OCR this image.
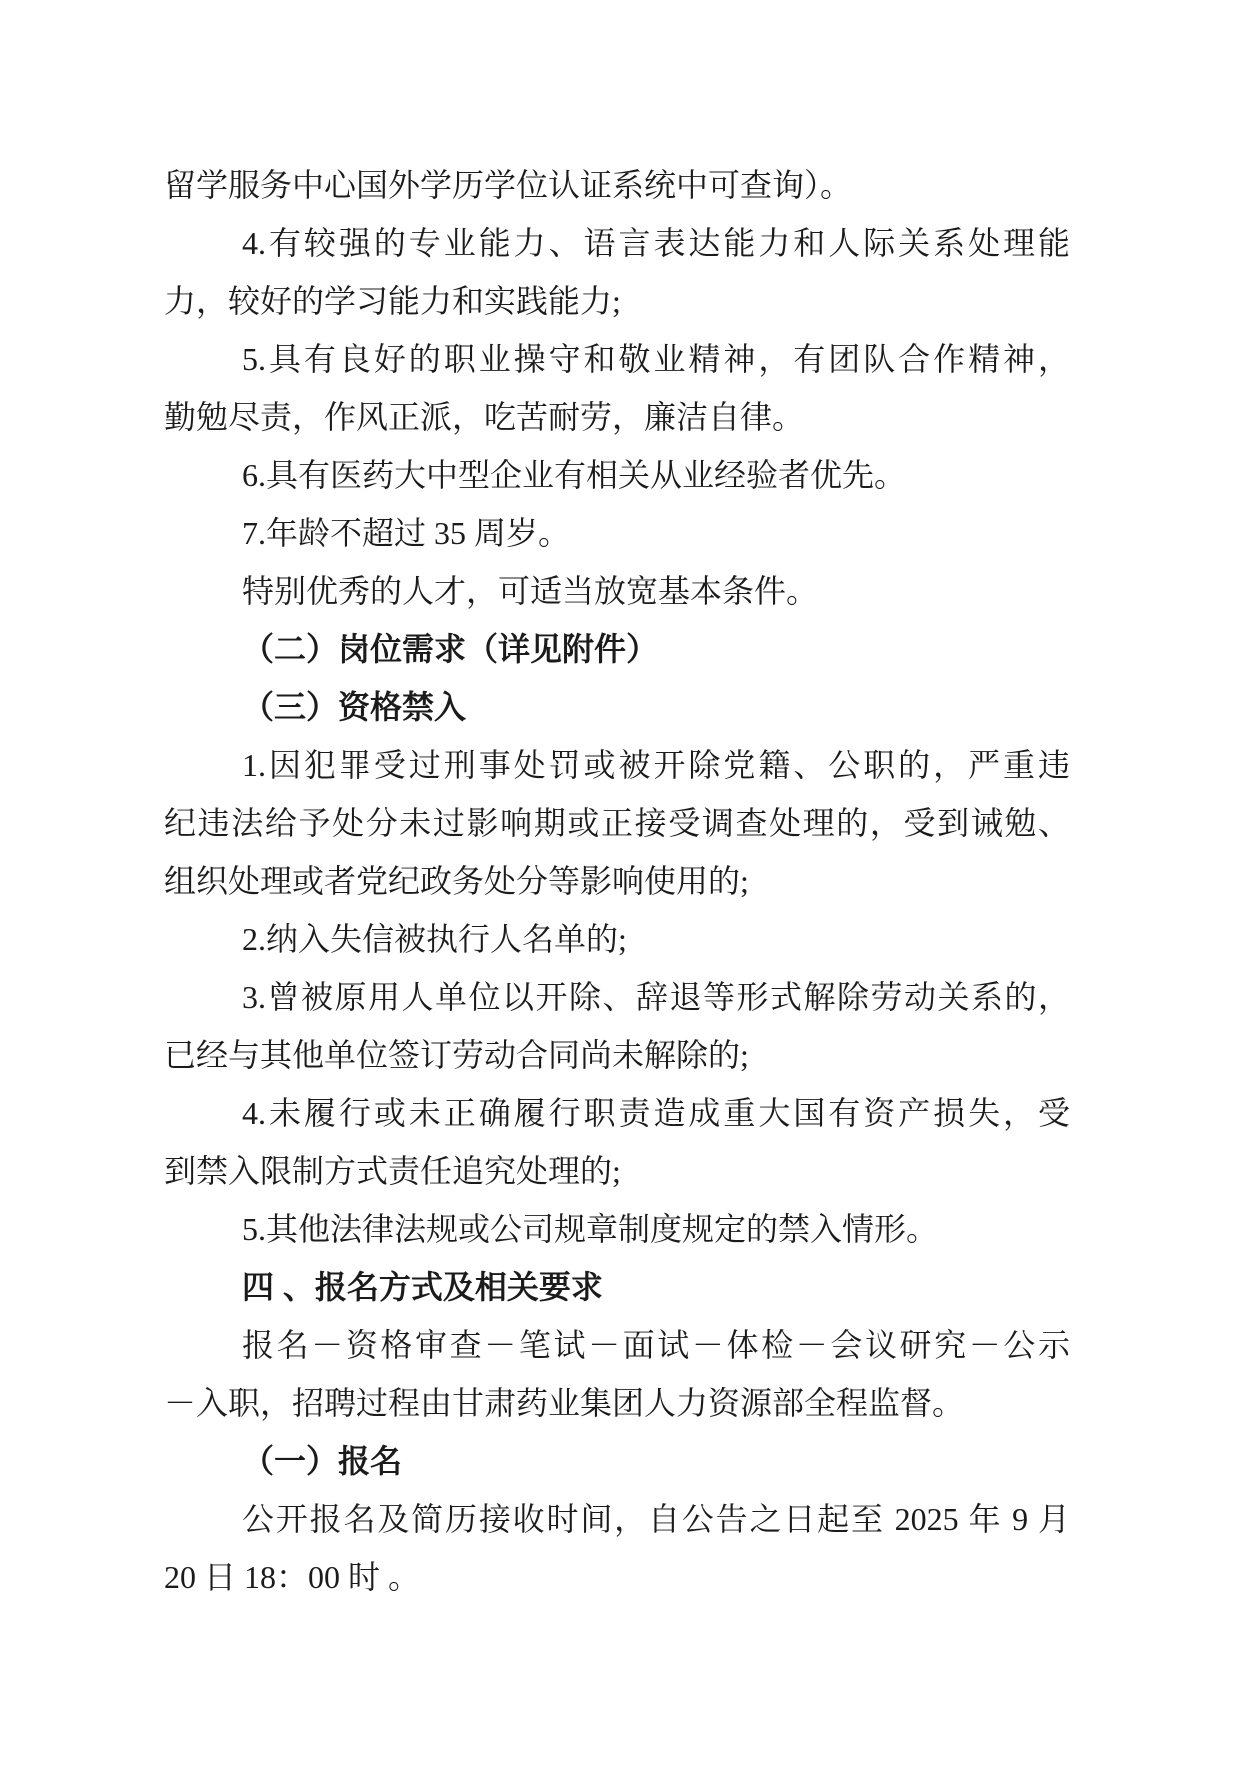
留学服务中心国外学历学位认证系统中可查询）。
4.有较强的专业能力、语言表达能力和人际关系处理能
力，较好的学习能力和实践能力;
5.具有良好的职业操守和敬业精神，有团队合作精神，
勤勉尽责，作风正派，吃苦耐劳，廉洁自律。
6.具有医药大中型企业有相关从业经验者优先。
7.年龄不超过 35 周岁。
特别优秀的人才，可适当放宽基本条件。
（二）岗位需求（详见附件）
（三）资格禁入
1.因犯罪受过刑事处罚或被开除党籍、公职的，严重违
纪违法给予处分未过影响期或正接受调查处理的，受到诫勉、
组织处理或者党纪政务处分等影响使用的;
2.纳入失信被执行人名单的;
3.曾被原用人单位以开除、辞退等形式解除劳动关系的，
已经与其他单位签订劳动合同尚未解除的;
4.未履行或未正确履行职责造成重大国有资产损失，受
到禁入限制方式责任追究处理的;
5.其他法律法规或公司规章制度规定的禁入情形。
四 、报名方式及相关要求
报名－资格审查－笔试－面试－体检－会议研究－公示
－入职，招聘过程由甘肃药业集团人力资源部全程监督。
（一）报名
公开报名及简历接收时间，自公告之日起至 2025 年 9 月
20 日 18：00 时 。
